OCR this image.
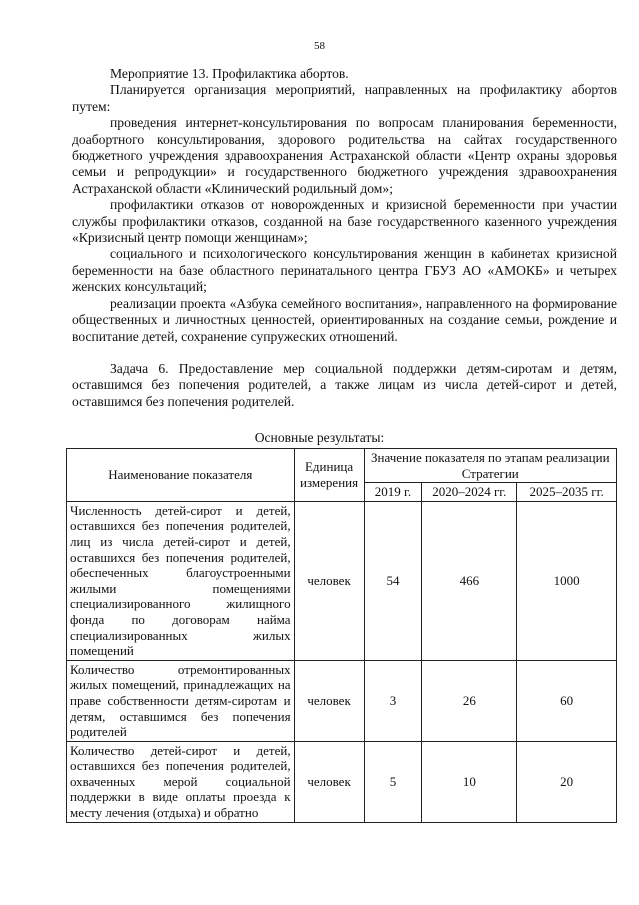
58

Мероприятие 13. Профилактика абортов.

Планируется организация мероприятий, направленных на профилактику абортов путем:

проведения интернет-консультирования по вопросам планирования беременности, доабортного консультирования, здорового родительства на сайтах государственного бюджетного учреждения здравоохранения Астраханской области «Центр охраны здоровья семьи и репродукции» и государственного бюджетного учреждения здравоохранения Астраханской области «Клинический родильный дом»;

профилактики отказов от новорожденных и кризисной беременности при участии службы профилактики отказов, созданной на базе государственного казенного учреждения «Кризисный центр помощи женщинам»;

социального и психологического консультирования женщин в кабинетах кризисной беременности на базе областного перинатального центра ГБУЗ АО «АМОКБ» и четырех женских консультаций;

реализации проекта «Азбука семейного воспитания», направленного на формирование общественных и личностных ценностей, ориентированных на создание семьи, рождение и воспитание детей, сохранение супружеских отношений.

Задача 6. Предоставление мер социальной поддержки детям-сиротам и детям, оставшимся без попечения родителей, а также лицам из числа детей-сирот и детей, оставшимся без попечения родителей.

Основные результаты:
Наименование показателя	Единица измерения	Значение показателя по этапам реализации Стратегии		
		2019 г.	2020–2024 гг.	2025–2035 гг.
Численность детей-сирот и детей, оставшихся без попечения родителей, лиц из числа детей-сирот и детей, оставшихся без попечения родителей, обеспеченных благоустроенными жилыми помещениями специализированного жилищного фонда по договорам найма специализированных жилых помещений	человек	54	466	1000
Количество отремонтированных жилых помещений, принадлежащих на праве собственности детям-сиротам и детям, оставшимся без попечения родителей	человек	3	26	60
Количество детей-сирот и детей, оставшихся без попечения родителей, охваченных мерой социальной поддержки в виде оплаты проезда к месту лечения (отдыха) и обратно	человек	5	10	20
